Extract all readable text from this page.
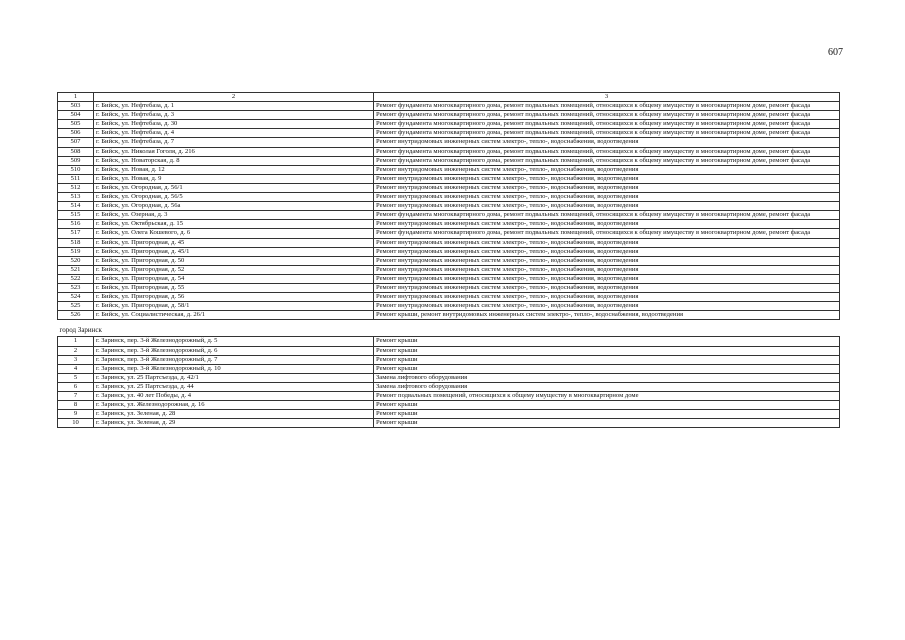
607
1	2	3
503	г. Бийск, ул. Нефтебаза, д. 1	Ремонт фундамента многоквартирного дома, ремонт подвальных помещений, относящихся к общему имуществу в многоквартирном доме, ремонт фасада
504	г. Бийск, ул. Нефтебаза, д. 3	Ремонт фундамента многоквартирного дома, ремонт подвальных помещений, относящихся к общему имуществу в многоквартирном доме, ремонт фасада
505	г. Бийск, ул. Нефтебаза, д. 30	Ремонт фундамента многоквартирного дома, ремонт подвальных помещений, относящихся к общему имуществу в многоквартирном доме, ремонт фасада
506	г. Бийск, ул. Нефтебаза, д. 4	Ремонт фундамента многоквартирного дома, ремонт подвальных помещений, относящихся к общему имуществу в многоквартирном доме, ремонт фасада
507	г. Бийск, ул. Нефтебаза, д. 7	Ремонт внутридомовых инженерных систем электро-, тепло-, водоснабжения, водоотведения
508	г. Бийск, ул. Николая Гоголя, д. 216	Ремонт фундамента многоквартирного дома, ремонт подвальных помещений, относящихся к общему имуществу в многоквартирном доме, ремонт фасада
509	г. Бийск, ул. Новаторская, д. 8	Ремонт фундамента многоквартирного дома, ремонт подвальных помещений, относящихся к общему имуществу в многоквартирном доме, ремонт фасада
510	г. Бийск, ул. Новая, д. 12	Ремонт внутридомовых инженерных систем электро-, тепло-, водоснабжения, водоотведения
511	г. Бийск, ул. Новая, д. 9	Ремонт внутридомовых инженерных систем электро-, тепло-, водоснабжения, водоотведения
512	г. Бийск, ул. Огородная, д. 56/1	Ремонт внутридомовых инженерных систем электро-, тепло-, водоснабжения, водоотведения
513	г. Бийск, ул. Огородная, д. 56/5	Ремонт внутридомовых инженерных систем электро-, тепло-, водоснабжения, водоотведения
514	г. Бийск, ул. Огородная, д. 56а	Ремонт внутридомовых инженерных систем электро-, тепло-, водоснабжения, водоотведения
515	г. Бийск, ул. Озерная, д. 3	Ремонт фундамента многоквартирного дома, ремонт подвальных помещений, относящихся к общему имуществу в многоквартирном доме, ремонт фасада
516	г. Бийск, ул. Октябрьская, д. 15	Ремонт внутридомовых инженерных систем электро-, тепло-, водоснабжения, водоотведения
517	г. Бийск, ул. Олега Кошевого, д. 6	Ремонт фундамента многоквартирного дома, ремонт подвальных помещений, относящихся к общему имуществу в многоквартирном доме, ремонт фасада
518	г. Бийск, ул. Пригородная, д. 45	Ремонт внутридомовых инженерных систем электро-, тепло-, водоснабжения, водоотведения
519	г. Бийск, ул. Пригородная, д. 45/1	Ремонт внутридомовых инженерных систем электро-, тепло-, водоснабжения, водоотведения
520	г. Бийск, ул. Пригородная, д. 50	Ремонт внутридомовых инженерных систем электро-, тепло-, водоснабжения, водоотведения
521	г. Бийск, ул. Пригородная, д. 52	Ремонт внутридомовых инженерных систем электро-, тепло-, водоснабжения, водоотведения
522	г. Бийск, ул. Пригородная, д. 54	Ремонт внутридомовых инженерных систем электро-, тепло-, водоснабжения, водоотведения
523	г. Бийск, ул. Пригородная, д. 55	Ремонт внутридомовых инженерных систем электро-, тепло-, водоснабжения, водоотведения
524	г. Бийск, ул. Пригородная, д. 56	Ремонт внутридомовых инженерных систем электро-, тепло-, водоснабжения, водоотведения
525	г. Бийск, ул. Пригородная, д. 58/1	Ремонт внутридомовых инженерных систем электро-, тепло-, водоснабжения, водоотведения
526	г. Бийск, ул. Социалистическая, д. 26/1	Ремонт крыши, ремонт внутридомовых инженерных систем электро-, тепло-, водоснабжения, водоотведения
город Заринск		
1	г. Заринск, пер. 3-й Железнодорожный, д. 5	Ремонт крыши
2	г. Заринск, пер. 3-й Железнодорожный, д. 6	Ремонт крыши
3	г. Заринск, пер. 3-й Железнодорожный, д. 7	Ремонт крыши
4	г. Заринск, пер. 3-й Железнодорожный, д. 10	Ремонт крыши
5	г. Заринск, ул. 25 Партсъезда, д. 42/1	Замена лифтового оборудования
6	г. Заринск, ул. 25 Партсъезда, д. 44	Замена лифтового оборудования
7	г. Заринск, ул. 40 лет Победы, д. 4	Ремонт подвальных помещений, относящихся к общему имуществу в многоквартирном доме
8	г. Заринск, ул. Железнодорожная, д. 16	Ремонт крыши
9	г. Заринск, ул. Зеленая, д. 28	Ремонт крыши
10	г. Заринск, ул. Зеленая, д. 29	Ремонт крыши
